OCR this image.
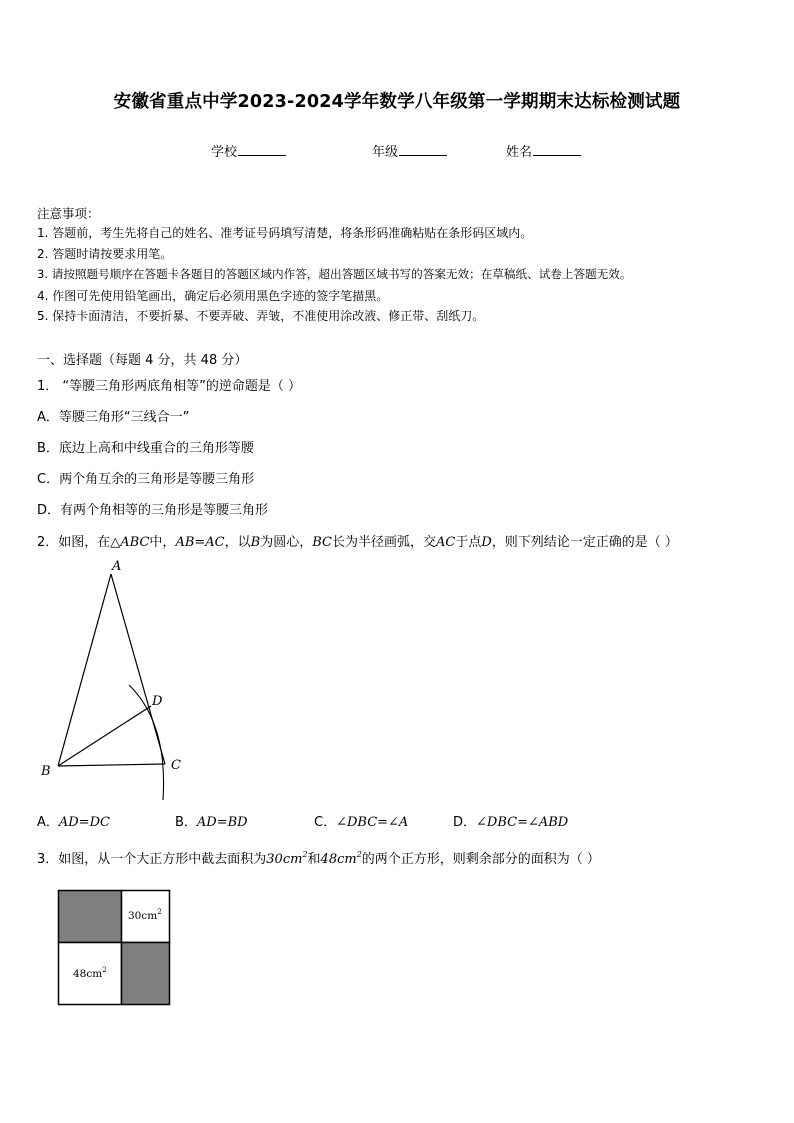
安徽省重点中学2023-2024学年数学八年级第一学期期末达标检测试题
学校	年级	姓名
注意事项：
1. 答题前，考生先将自己的姓名、准考证号码填写清楚，将条形码准确粘贴在条形码区域内。
2. 答题时请按要求用笔。
3. 请按照题号顺序在答题卡各题目的答题区域内作答，超出答题区域书写的答案无效；在草稿纸、试卷上答题无效。
4. 作图可先使用铅笔画出，确定后必须用黑色字迹的签字笔描黑。
5. 保持卡面清洁，不要折暴、不要弄破、弄皱，不准使用涂改液、修正带、刮纸刀。
一、选择题（每题 4 分，共 48 分）
1． “等腰三角形两底角相等”的逆命题是（ ）
A．等腰三角形“三线合一”
B．底边上高和中线重合的三角形等腰
C．两个角互余的三角形是等腰三角形
D．有两个角相等的三角形是等腰三角形
2．如图，在△ABC中，AB=AC，以B为圆心，BC长为半径画弧，交AC于点D，则下列结论一定正确的是（ ）
A
B	C
D
A．AD=DC	B．AD=BD	C．∠DBC=∠A	D．∠DBC=∠ABD
3．如图，从一个大正方形中截去面积为$30cm^2$和$48cm^2$的两个正方形，则剩余部分的面积为（ ）
$30cm^2$
$48cm^2$
